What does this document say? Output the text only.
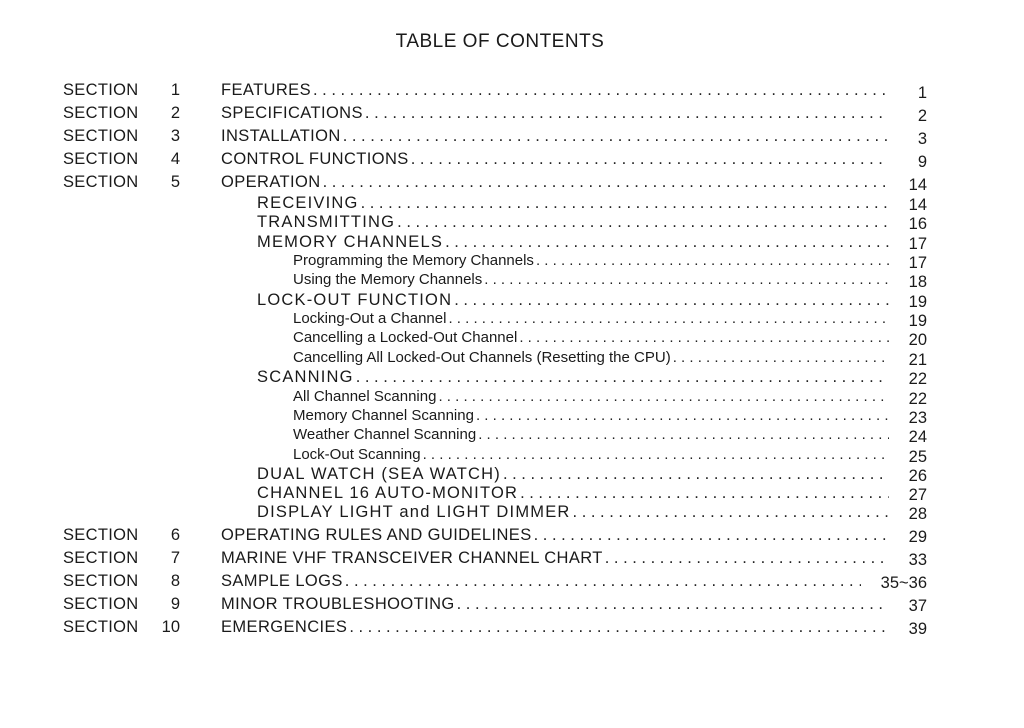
TABLE OF CONTENTS
SECTION	1 FEATURES . . .	1
SECTION	2 SPECIFICATIONS . . .	2
SECTION	3 INSTALLATION . . .	3
SECTION	4 CONTROL FUNCTIONS . . .	9
SECTION	5 OPERATION . . .	14
RECEIVING . . .	14
TRANSMITTING . . .	16
MEMORY CHANNELS . . .	17
Programming the Memory Channels . . .	17
Using the Memory Channels . . .	18
LOCK-OUT FUNCTION . . .	19
Locking-Out a Channel . . .	19
Cancelling a Locked-Out Channel . . .	20
Cancelling All Locked-Out Channels (Resetting the CPU) . . .	21
SCANNING . . .	22
All Channel Scanning . . .	22
Memory Channel Scanning . . .	23
Weather Channel Scanning . . .	24
Lock-Out Scanning . . .	25
DUAL WATCH (SEA WATCH) . . .	26
CHANNEL 16 AUTO-MONITOR . . .	27
DISPLAY LIGHT and LIGHT DIMMER . . .	28
SECTION	6 OPERATING RULES AND GUIDELINES . . .	29
SECTION	7 MARINE VHF TRANSCEIVER CHANNEL CHART . . .	33
SECTION	8 SAMPLE LOGS . . .	35~36
SECTION	9 MINOR TROUBLESHOOTING . . .	37
SECTION	10 EMERGENCIES . . .	39
